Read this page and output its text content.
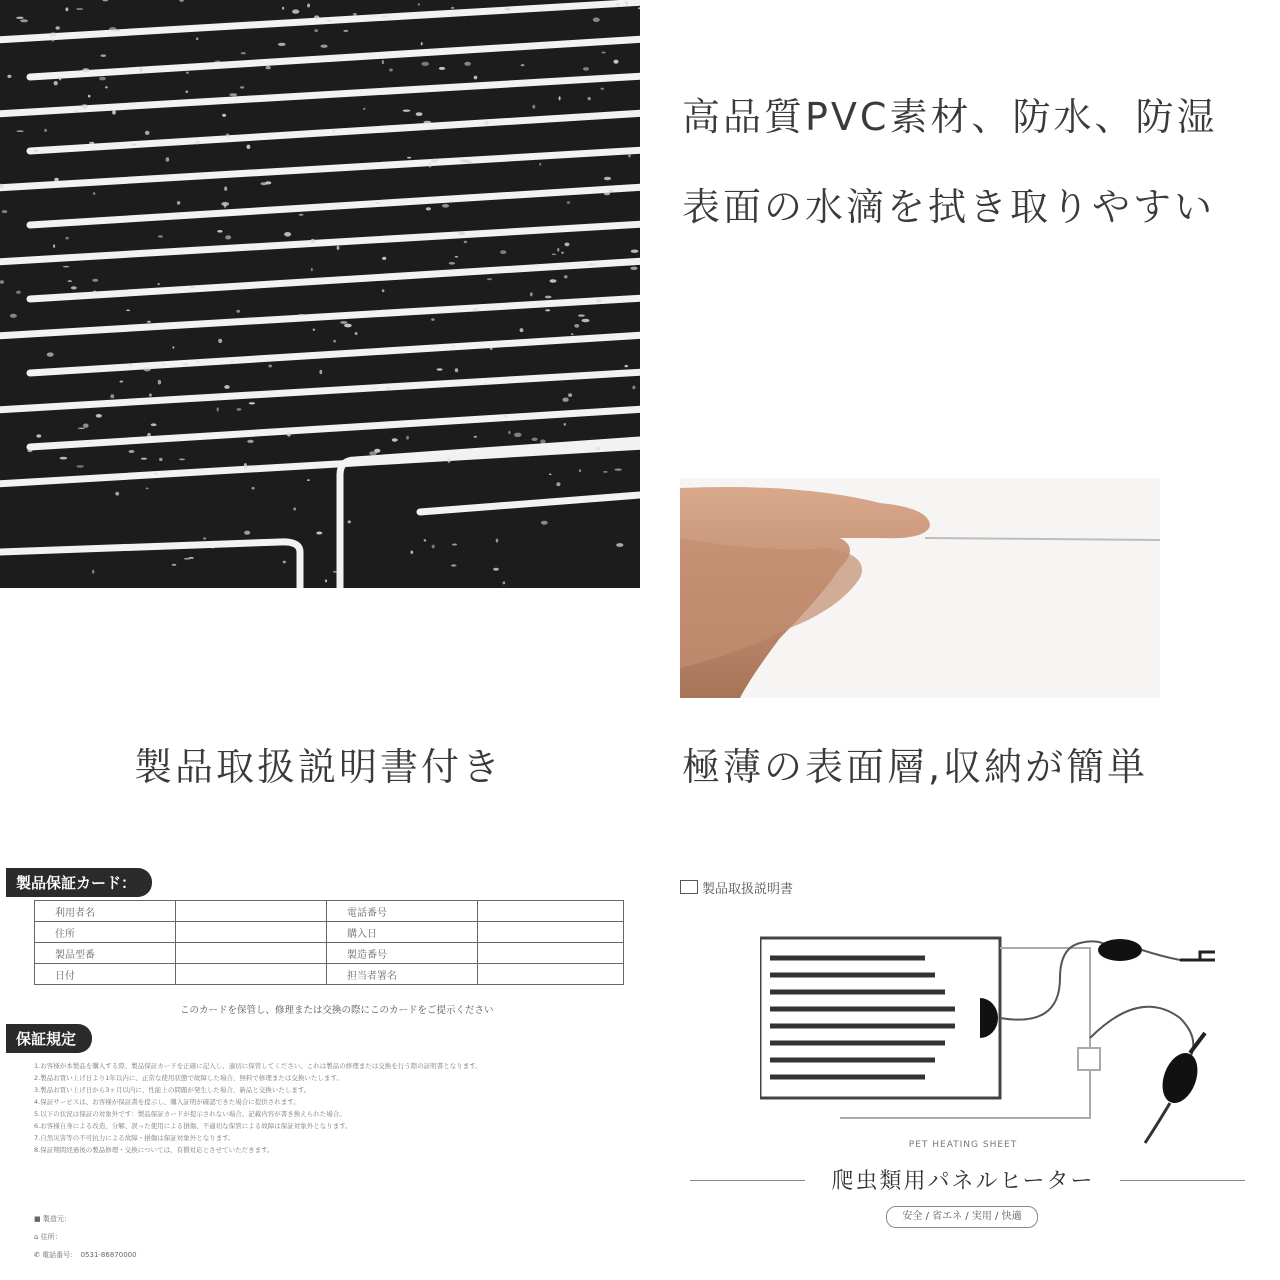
高品質PVC素材、防水、防湿
表面の水滴を拭き取りやすい
製品取扱説明書付き	極薄の表面層,収納が簡単
製品保証カード：
利用者名		電話番号	
住所		購入日	
製品型番		製造番号	
日付		担当者署名	
このカードを保管し、修理または交換の際にこのカードをご提示ください
保証規定
1.お客様が本製品を購入する際、製品保証カードを正確に記入し、適切に保管してください。これは製品の修理または交換を行う際の証明書となります。
2.製品お買い上げ日より1年以内に、正常な使用状態で故障した場合、無料で修理または交換いたします。
3.製品お買い上げ日から3ヶ月以内に、性能上の問題が発生した場合、新品と交換いたします。
4.保証サービスは、お客様が保証書を提示し、購入証明が確認できた場合に提供されます。
5.以下の状況は保証の対象外です：製品保証カードが提示されない場合、記載内容が書き換えられた場合。
6.お客様自身による改造、分解、誤った使用による損傷、不適切な保管による故障は保証対象外となります。
7.自然災害等の不可抗力による故障・損傷は保証対象外となります。
8.保証期間経過後の製品修理・交換については、有償対応とさせていただきます。
■ 製造元：
⌂ 住所：
✆ 電話番号：　0531-86870000
製品取扱説明書
PET HEATING SHEET
爬虫類用パネルヒーター
安全 / 省エネ / 実用 / 快適
